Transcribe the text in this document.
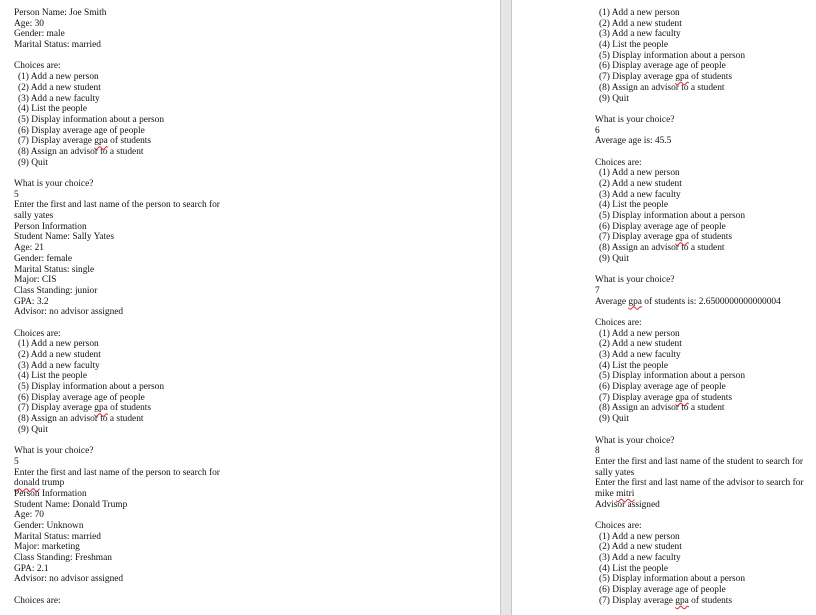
Person Name: Joe Smith
Age: 30
Gender: male
Marital Status: married
Choices are:
(1) Add a new person
(2) Add a new student
(3) Add a new faculty
(4) List the people
(5) Display information about a person
(6) Display average age of people
(7) Display average gpa of students
(8) Assign an advisor to a student
(9) Quit
What is your choice?
5
Enter the first and last name of the person to search for
sally yates
Person Information
Student Name: Sally Yates
Age: 21
Gender: female
Marital Status: single
Major: CIS
Class Standing: junior
GPA: 3.2
Advisor: no advisor assigned
Choices are:
(1) Add a new person
(2) Add a new student
(3) Add a new faculty
(4) List the people
(5) Display information about a person
(6) Display average age of people
(7) Display average gpa of students
(8) Assign an advisor to a student
(9) Quit
What is your choice?
5
Enter the first and last name of the person to search for
donald trump
Person Information
Student Name: Donald Trump
Age: 70
Gender: Unknown
Marital Status: married
Major: marketing
Class Standing: Freshman
GPA: 2.1
Advisor: no advisor assigned
Choices are:
(1) Add a new person
(2) Add a new student
(3) Add a new faculty
(4) List the people
(5) Display information about a person
(6) Display average age of people
(7) Display average gpa of students
(8) Assign an advisor to a student
(9) Quit
What is your choice?
6
Average age is: 45.5
Choices are:
(1) Add a new person
(2) Add a new student
(3) Add a new faculty
(4) List the people
(5) Display information about a person
(6) Display average age of people
(7) Display average gpa of students
(8) Assign an advisor to a student
(9) Quit
What is your choice?
7
Average gpa of students is: 2.6500000000000004
Choices are:
(1) Add a new person
(2) Add a new student
(3) Add a new faculty
(4) List the people
(5) Display information about a person
(6) Display average age of people
(7) Display average gpa of students
(8) Assign an advisor to a student
(9) Quit
What is your choice?
8
Enter the first and last name of the student to search for
sally yates
Enter the first and last name of the advisor to search for
mike mitri
Advisor assigned
Choices are:
(1) Add a new person
(2) Add a new student
(3) Add a new faculty
(4) List the people
(5) Display information about a person
(6) Display average age of people
(7) Display average gpa of students
